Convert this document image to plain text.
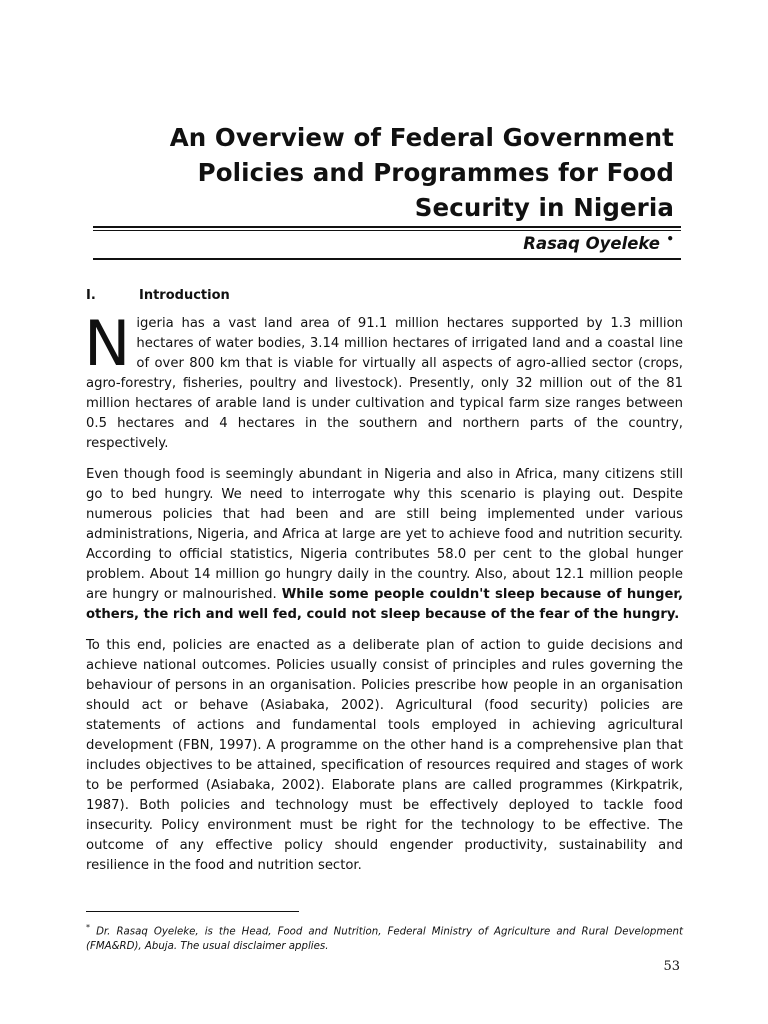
An Overview of Federal Government
Policies and Programmes for Food
Security in Nigeria
Rasaq Oyeleke •
I.	Introduction

Nigeria has a vast land area of 91.1 million hectares supported by 1.3 million hectares of water bodies, 3.14 million hectares of irrigated land and a coastal line of over 800 km that is viable for virtually all aspects of agro-allied sector (crops, agro-forestry, fisheries, poultry and livestock). Presently, only 32 million out of the 81 million hectares of arable land is under cultivation and typical farm size ranges between 0.5 hectares and 4 hectares in the southern and northern parts of the country, respectively.

Even though food is seemingly abundant in Nigeria and also in Africa, many citizens still go to bed hungry. We need to interrogate why this scenario is playing out. Despite numerous policies that had been and are still being implemented under various administrations, Nigeria, and Africa at large are yet to achieve food and nutrition security. According to official statistics, Nigeria contributes 58.0 per cent to the global hunger problem. About 14 million go hungry daily in the country. Also, about 12.1 million people are hungry or malnourished. While some people couldn't sleep because of hunger, others, the rich and well fed, could not sleep because of the fear of the hungry.

To this end, policies are enacted as a deliberate plan of action to guide decisions and achieve national outcomes. Policies usually consist of principles and rules governing the behaviour of persons in an organisation. Policies prescribe how people in an organisation should act or behave (Asiabaka, 2002). Agricultural (food security) policies are statements of actions and fundamental tools employed in achieving agricultural development (FBN, 1997). A programme on the other hand is a comprehensive plan that includes objectives to be attained, specification of resources required and stages of work to be performed (Asiabaka, 2002). Elaborate plans are called programmes (Kirkpatrik, 1987). Both policies and technology must be effectively deployed to tackle food insecurity. Policy environment must be right for the technology to be effective. The outcome of any effective policy should engender productivity, sustainability and resilience in the food and nutrition sector.

* Dr. Rasaq Oyeleke, is the Head, Food and Nutrition, Federal Ministry of Agriculture and Rural Development (FMA&RD), Abuja. The usual disclaimer applies.
53
